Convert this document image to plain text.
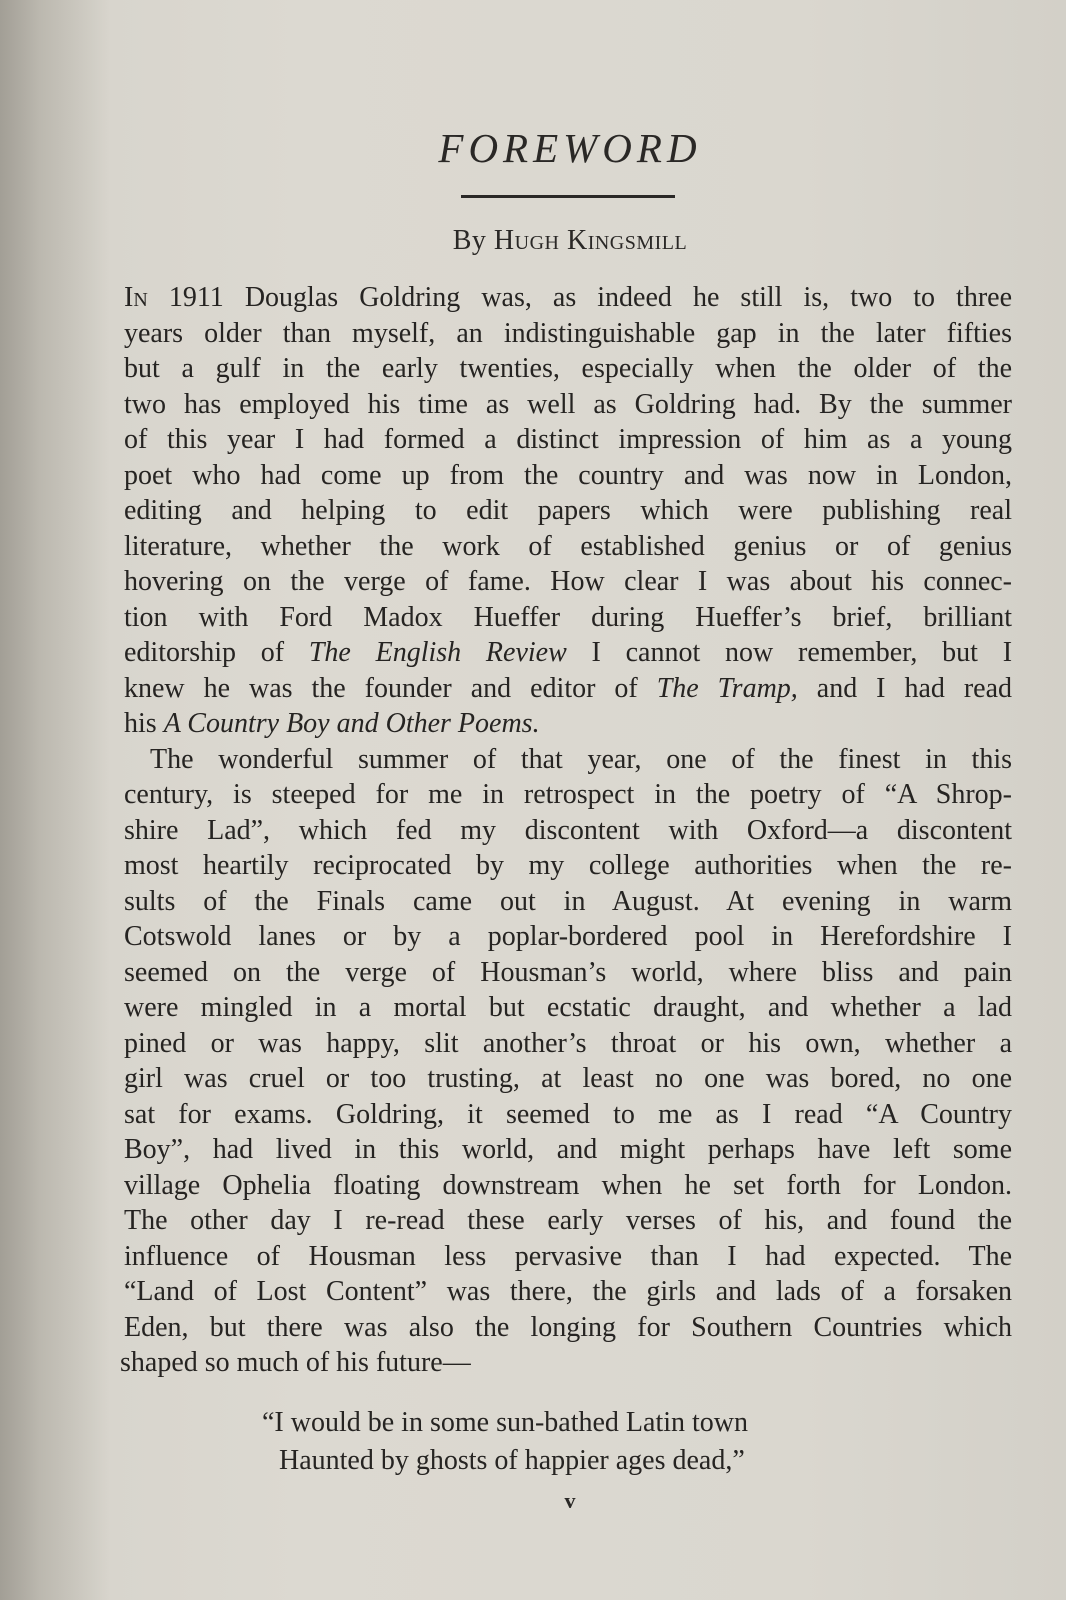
FOREWORD
By Hugh Kingsmill
In 1911 Douglas Goldring was, as indeed he still is, two to three
years older than myself, an indistinguishable gap in the later fifties
but a gulf in the early twenties, especially when the older of the
two has employed his time as well as Goldring had. By the summer
of this year I had formed a distinct impression of him as a young
poet who had come up from the country and was now in London,
editing and helping to edit papers which were publishing real
literature, whether the work of established genius or of genius
hovering on the verge of fame. How clear I was about his connec-
tion with Ford Madox Hueffer during Hueffer’s brief, brilliant
editorship of The English Review I cannot now remember, but I
knew he was the founder and editor of The Tramp, and I had read
his A Country Boy and Other Poems.
The wonderful summer of that year, one of the finest in this
century, is steeped for me in retrospect in the poetry of “A Shrop-
shire Lad”, which fed my discontent with Oxford—a discontent
most heartily reciprocated by my college authorities when the re-
sults of the Finals came out in August. At evening in warm
Cotswold lanes or by a poplar-bordered pool in Herefordshire I
seemed on the verge of Housman’s world, where bliss and pain
were mingled in a mortal but ecstatic draught, and whether a lad
pined or was happy, slit another’s throat or his own, whether a
girl was cruel or too trusting, at least no one was bored, no one
sat for exams. Goldring, it seemed to me as I read “A Country
Boy”, had lived in this world, and might perhaps have left some
village Ophelia floating downstream when he set forth for London.
The other day I re-read these early verses of his, and found the
influence of Housman less pervasive than I had expected. The
“Land of Lost Content” was there, the girls and lads of a forsaken
Eden, but there was also the longing for Southern Countries which
shaped so much of his future—
“I would be in some sun-bathed Latin town
Haunted by ghosts of happier ages dead,”
v
